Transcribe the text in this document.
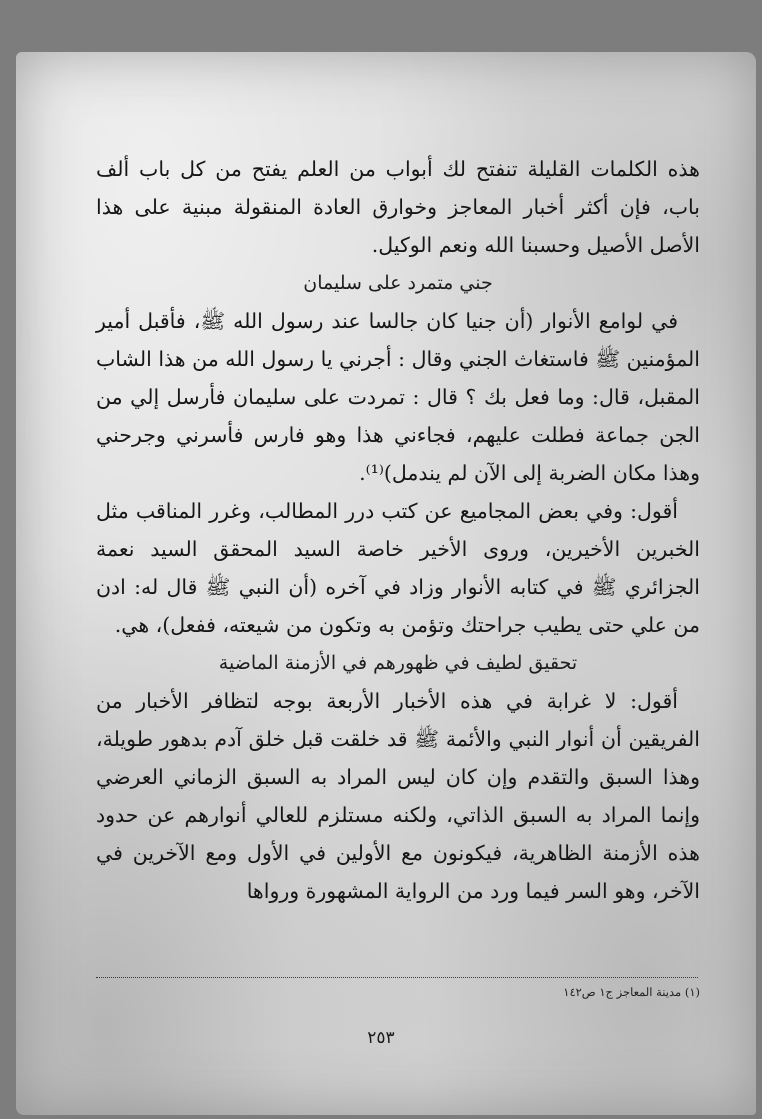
هذه الكلمات القليلة تنفتح لك أبواب من العلم يفتح من كل باب ألف باب، فإن أكثر أخبار المعاجز وخوارق العادة المنقولة مبنية على هذا الأصل الأصيل وحسبنا الله ونعم الوكيل.

جني متمرد على سليمان

في لوامع الأنوار (أن جنيا كان جالسا عند رسول الله ﷺ، فأقبل أمير المؤمنين ﷺ فاستغاث الجني وقال : أجرني يا رسول الله من هذا الشاب المقبل، قال: وما فعل بك ؟ قال : تمردت على سليمان فأرسل إلي من الجن جماعة فطلت عليهم، فجاءني هذا وهو فارس فأسرني وجرحني وهذا مكان الضربة إلى الآن لم يندمل)⁽¹⁾.

أقول: وفي بعض المجاميع عن كتب درر المطالب، وغرر المناقب مثل الخبرين الأخيرين، وروى الأخير خاصة السيد المحقق السيد نعمة الجزائري ﷺ في كتابه الأنوار وزاد في آخره (أن النبي ﷺ قال له: ادن من علي حتى يطيب جراحتك وتؤمن به وتكون من شيعته، ففعل)، هي.

تحقيق لطيف في ظهورهم في الأزمنة الماضية

أقول: لا غرابة في هذه الأخبار الأربعة بوجه لتظافر الأخبار من الفريقين أن أنوار النبي والأئمة ﷺ قد خلقت قبل خلق آدم بدهور طويلة، وهذا السبق والتقدم وإن كان ليس المراد به السبق الزماني العرضي وإنما المراد به السبق الذاتي، ولكنه مستلزم للعالي أنوارهم عن حدود هذه الأزمنة الظاهرية، فيكونون مع الأولين في الأول ومع الآخرين في الآخر، وهو السر فيما ورد من الرواية المشهورة ورواها

(١) مدينة المعاجز ج١ ص١٤٢
٢٥٣
